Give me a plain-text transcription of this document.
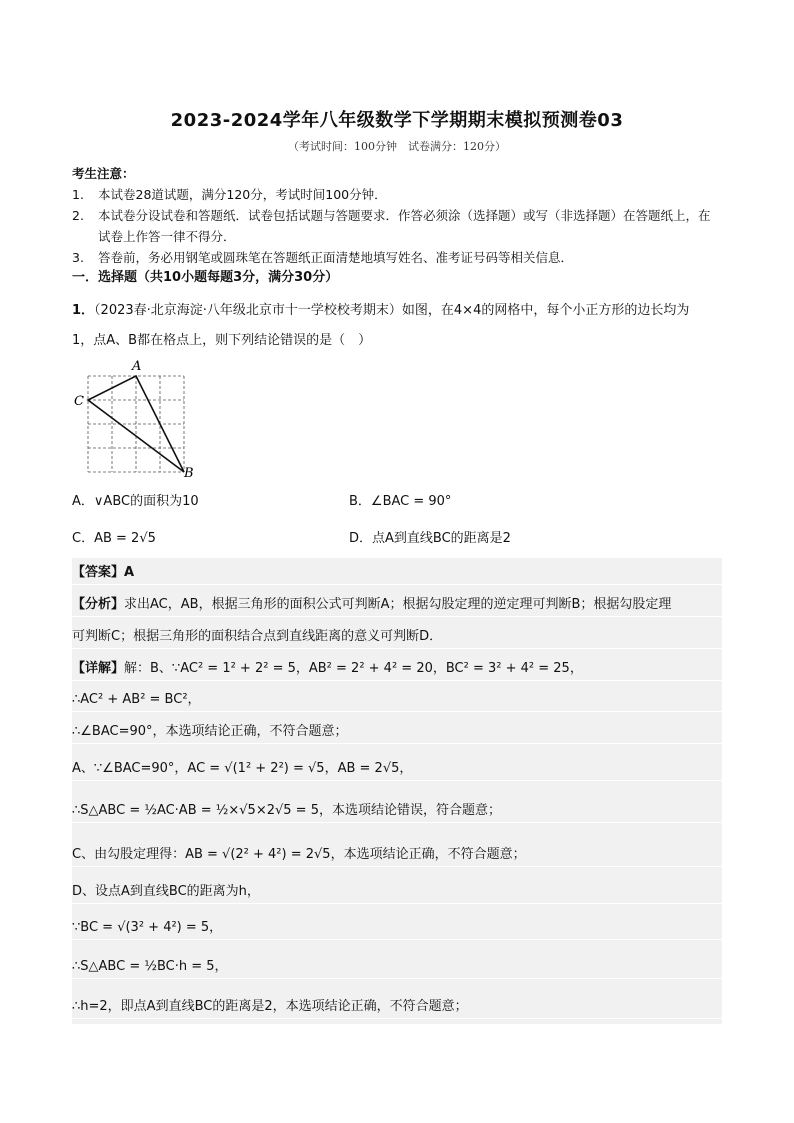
2023-2024学年八年级数学下学期期末模拟预测卷03
（考试时间：100分钟　试卷满分：120分）
考生注意：
1.	本试卷28道试题，满分120分，考试时间100分钟．
2.	本试卷分设试卷和答题纸．试卷包括试题与答题要求．作答必须涂（选择题）或写（非选择题）在答题纸上，在试卷上作答一律不得分．
3.	答卷前，务必用钢笔或圆珠笔在答题纸正面清楚地填写姓名、准考证号码等相关信息．
一．选择题（共10小题每题3分，满分30分）
1．（2023春·北京海淀·八年级北京市十一学校校考期末）如图，在4×4的网格中，每个小正方形的边长均为
1，点A、B都在格点上，则下列结论错误的是（　）
A
C
B
A．∨ABC的面积为10	B．∠BAC = 90°
C．AB = 2√5	D．点A到直线BC的距离是2
【答案】A
【分析】求出AC，AB，根据三角形的面积公式可判断A；根据勾股定理的逆定理可判断B；根据勾股定理
可判断C；根据三角形的面积结合点到直线距离的意义可判断D．
【详解】解：B、∵AC² = 1² + 2² = 5，AB² = 2² + 4² = 20，BC² = 3² + 4² = 25，
∴AC² + AB² = BC²，
∴∠BAC=90°，本选项结论正确，不符合题意；
A、∵∠BAC=90°，AC = √(1² + 2²) = √5，AB = 2√5，
∴S△ABC = ½AC·AB = ½×√5×2√5 = 5，本选项结论错误，符合题意；
C、由勾股定理得：AB = √(2² + 4²) = 2√5，本选项结论正确，不符合题意；
D、设点A到直线BC的距离为h，
∵BC = √(3² + 4²) = 5，
∴S△ABC = ½BC·h = 5，
∴h=2，即点A到直线BC的距离是2，本选项结论正确，不符合题意；
